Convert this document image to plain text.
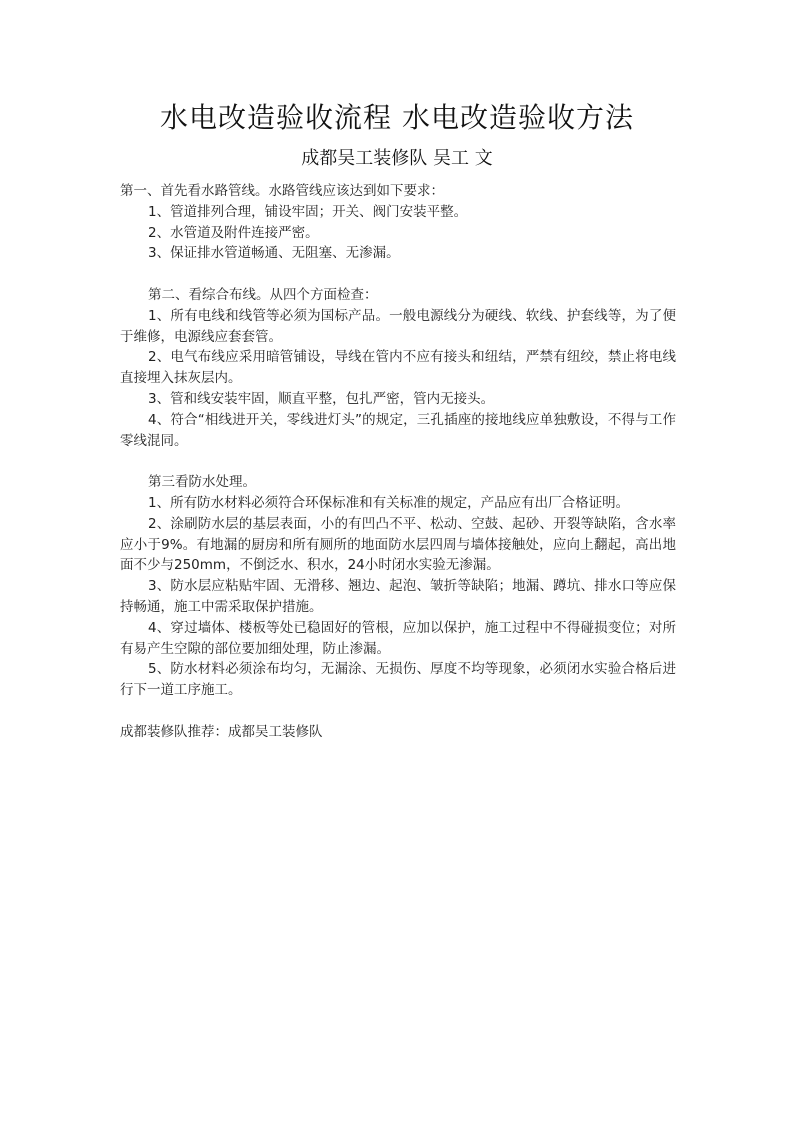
水电改造验收流程 水电改造验收方法
成都吴工装修队 吴工 文

第一、首先看水路管线。水路管线应该达到如下要求：

1、管道排列合理，铺设牢固；开关、阀门安装平整。

2、水管道及附件连接严密。

3、保证排水管道畅通、无阻塞、无渗漏。

第二、看综合布线。从四个方面检查：

1、所有电线和线管等必须为国标产品。一般电源线分为硬线、软线、护套线等，为了便于维修，电源线应套套管。

2、电气布线应采用暗管铺设，导线在管内不应有接头和纽结，严禁有纽绞，禁止将电线直接埋入抹灰层内。

3、管和线安装牢固，顺直平整，包扎严密，管内无接头。

4、符合“相线进开关，零线进灯头”的规定，三孔插座的接地线应单独敷设，不得与工作零线混同。

第三看防水处理。

1、所有防水材料必须符合环保标准和有关标准的规定，产品应有出厂合格证明。

2、涂刷防水层的基层表面，小的有凹凸不平、松动、空鼓、起砂、开裂等缺陷，含水率应小于9%。有地漏的厨房和所有厕所的地面防水层四周与墙体接触处，应向上翻起，高出地面不少与250mm，不倒泛水、积水，24小时闭水实验无渗漏。

3、防水层应粘贴牢固、无滑移、翘边、起泡、皱折等缺陷；地漏、蹲坑、排水口等应保持畅通，施工中需采取保护措施。

4、穿过墙体、楼板等处已稳固好的管根，应加以保护，施工过程中不得碰损变位；对所有易产生空隙的部位要加细处理，防止渗漏。

5、防水材料必须涂布均匀，无漏涂、无损伤、厚度不均等现象，必须闭水实验合格后进行下一道工序施工。

成都装修队推荐：成都吴工装修队
